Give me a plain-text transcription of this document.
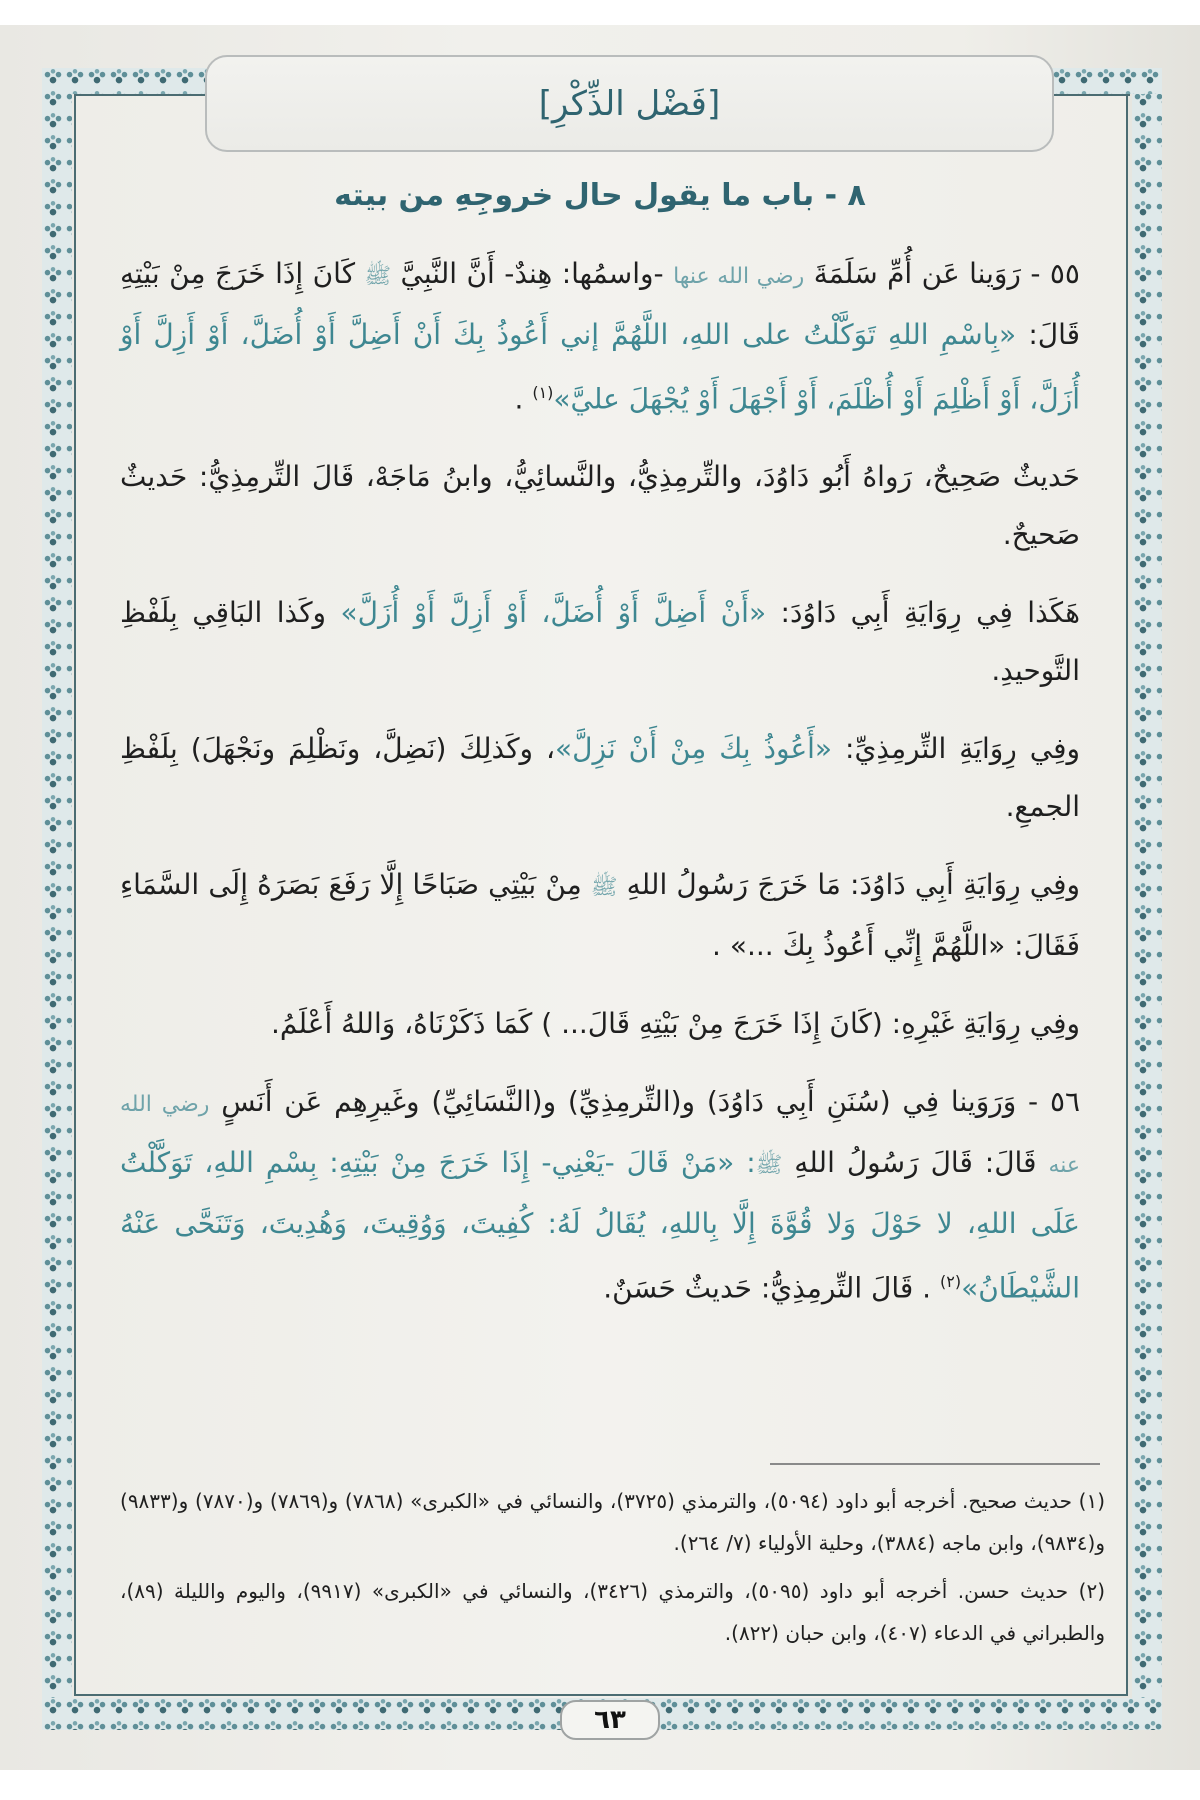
[فَضْل الذِّكْرِ]
٨ - باب ما يقول حال خروجِهِ من بيته

٥٥ - رَوَينا عَن أُمِّ سَلَمَةَ رضي الله عنها -واسمُها: هِندٌ- أَنَّ النَّبِيَّ ﷺ كَانَ إِذَا خَرَجَ مِنْ بَيْتِهِ قَالَ: «بِاسْمِ اللهِ تَوَكَّلْتُ على اللهِ، اللَّهُمَّ إني أَعُوذُ بِكَ أَنْ أَضِلَّ أَوْ أُضَلَّ، أَوْ أَزِلَّ أَوْ أُزَلَّ، أَوْ أَظْلِمَ أَوْ أُظْلَمَ، أَوْ أَجْهَلَ أَوْ يُجْهَلَ عليَّ»$^{(١)}$ .

حَديثٌ صَحِيحٌ، رَواهُ أَبُو دَاوُدَ، والتِّرمِذِيُّ، والنَّسائِيُّ، وابنُ مَاجَهْ، قَالَ التِّرمِذِيُّ: حَديثٌ صَحيحٌ.

هَكَذا فِي رِوَايَةِ أَبِي دَاوُدَ: «أَنْ أَضِلَّ أَوْ أُضَلَّ، أَوْ أَزِلَّ أَوْ أُزَلَّ» وكَذا البَاقِي بِلَفْظِ التَّوحيدِ.

وفِي رِوَايَةِ التِّرمِذِيِّ: «أَعُوذُ بِكَ مِنْ أَنْ نَزِلَّ»، وكَذلِكَ (نَضِلَّ، ونَظْلِمَ ونَجْهَلَ) بِلَفْظِ الجمعِ.

وفِي رِوَايَةِ أَبِي دَاوُدَ: مَا خَرَجَ رَسُولُ اللهِ ﷺ مِنْ بَيْتِي صَبَاحًا إِلَّا رَفَعَ بَصَرَهُ إِلَى السَّمَاءِ فَقَالَ: «اللَّهُمَّ إِنِّي أَعُوذُ بِكَ ...» .

وفِي رِوَايَةِ غَيْرِهِ: (كَانَ إِذَا خَرَجَ مِنْ بَيْتِهِ قَالَ... ) كَمَا ذَكَرْنَاهُ، وَاللهُ أَعْلَمُ.

٥٦ - وَرَوَينا فِي (سُنَنِ أَبِي دَاوُدَ) و(التِّرمِذِيِّ) و(النَّسَائِيِّ) وغَيرِهِم عَن أَنَسٍ رضي الله عنه قَالَ: قَالَ رَسُولُ اللهِ ﷺ: «مَنْ قَالَ -يَعْنِي- إِذَا خَرَجَ مِنْ بَيْتِهِ: بِسْمِ اللهِ، تَوَكَّلْتُ عَلَى اللهِ، لا حَوْلَ وَلا قُوَّةَ إِلَّا بِاللهِ، يُقَالُ لَهُ: كُفِيتَ، وَوُقِيتَ، وَهُدِيتَ، وَتَنَحَّى عَنْهُ الشَّيْطَانُ»$^{(٢)}$ . قَالَ التِّرمِذِيُّ: حَديثٌ حَسَنٌ.

(١) حديث صحيح. أخرجه أبو داود (٥٠٩٤)، والترمذي (٣٧٢٥)، والنسائي في «الكبرى» (٧٨٦٨) و(٧٨٦٩) و(٧٨٧٠) و(٩٨٣٣) و(٩٨٣٤)، وابن ماجه (٣٨٨٤)، وحلية الأولياء (٧/ ٢٦٤).

(٢) حديث حسن. أخرجه أبو داود (٥٠٩٥)، والترمذي (٣٤٢٦)، والنسائي في «الكبرى» (٩٩١٧)، واليوم والليلة (٨٩)، والطبراني في الدعاء (٤٠٧)، وابن حبان (٨٢٢).

٦٣
